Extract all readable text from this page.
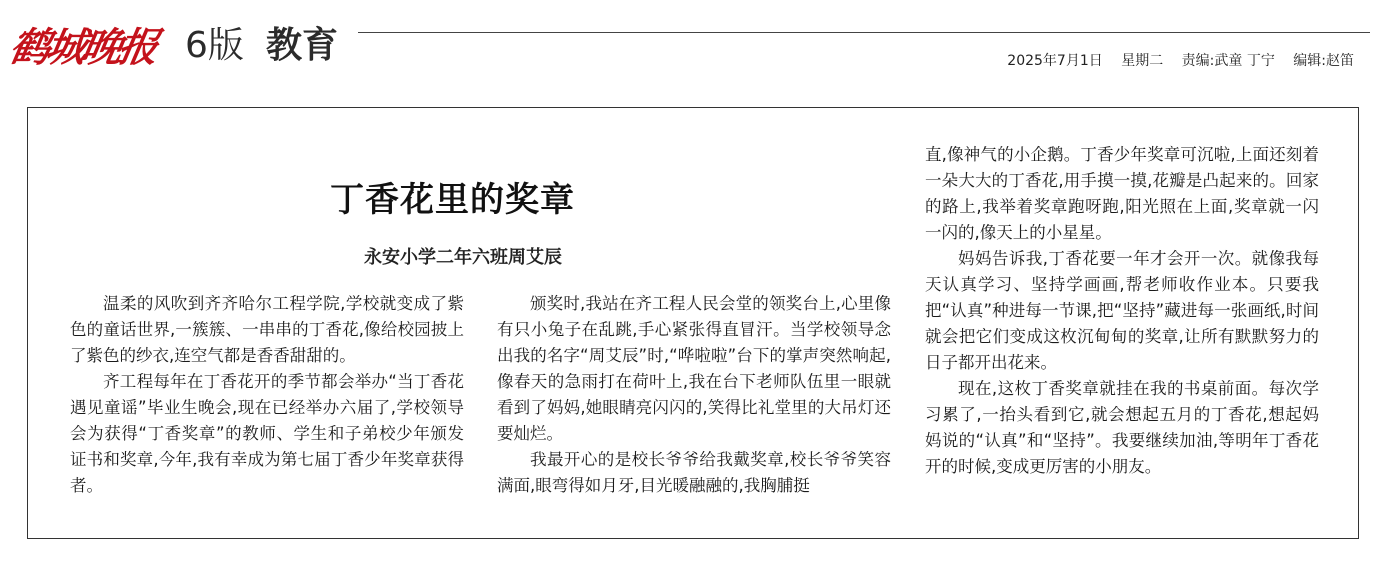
鹤城晚报 6版 教育	2025年7月1日 星期二 责编:武童 丁宁 编辑:赵笛
丁香花里的奖章
永安小学二年六班周艾辰

温柔的风吹到齐齐哈尔工程学院,学校就变成了紫色的童话世界,一簇簇、一串串的丁香花,像给校园披上了紫色的纱衣,连空气都是香香甜甜的。

齐工程每年在丁香花开的季节都会举办“当丁香花遇见童谣”毕业生晚会,现在已经举办六届了,学校领导会为获得“丁香奖章”的教师、学生和子弟校少年颁发证书和奖章,今年,我有幸成为第七届丁香少年奖章获得者。

颁奖时,我站在齐工程人民会堂的领奖台上,心里像有只小兔子在乱跳,手心紧张得直冒汗。当学校领导念出我的名字“周艾辰”时,“哗啦啦”台下的掌声突然响起,像春天的急雨打在荷叶上,我在台下老师队伍里一眼就看到了妈妈,她眼睛亮闪闪的,笑得比礼堂里的大吊灯还要灿烂。

我最开心的是校长爷爷给我戴奖章,校长爷爷笑容满面,眼弯得如月牙,目光暖融融的,我胸脯挺

直,像神气的小企鹅。丁香少年奖章可沉啦,上面还刻着一朵大大的丁香花,用手摸一摸,花瓣是凸起来的。回家的路上,我举着奖章跑呀跑,阳光照在上面,奖章就一闪一闪的,像天上的小星星。

妈妈告诉我,丁香花要一年才会开一次。就像我每天认真学习、坚持学画画,帮老师收作业本。只要我把“认真”种进每一节课,把“坚持”藏进每一张画纸,时间就会把它们变成这枚沉甸甸的奖章,让所有默默努力的日子都开出花来。

现在,这枚丁香奖章就挂在我的书桌前面。每次学习累了,一抬头看到它,就会想起五月的丁香花,想起妈妈说的“认真”和“坚持”。我要继续加油,等明年丁香花开的时候,变成更厉害的小朋友。
